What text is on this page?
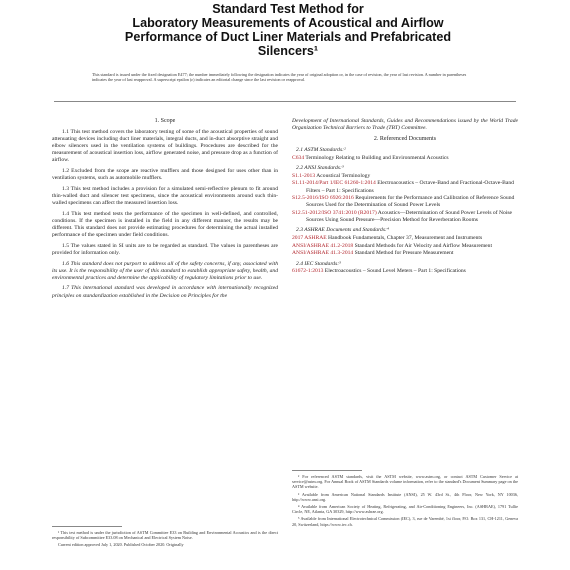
Standard Test Method for
Laboratory Measurements of Acoustical and Airflow
Performance of Duct Liner Materials and Prefabricated
Silencers¹
This standard is issued under the fixed designation E477; the number immediately following the designation indicates the year of original adoption or, in the case of revision, the year of last revision. A number in parentheses indicates the year of last reapproval. A superscript epsilon (ε) indicates an editorial change since the last revision or reapproval.
1. Scope

1.1 This test method covers the laboratory testing of some of the acoustical properties of sound attenuating devices including duct liner materials, integral ducts, and in-duct absorptive straight and elbow silencers used in the ventilation systems of buildings. Procedures are described for the measurement of acoustical insertion loss, airflow generated noise, and pressure drop as a function of airflow.

1.2 Excluded from the scope are reactive mufflers and those designed for uses other than in ventilation systems, such as automobile mufflers.

1.3 This test method includes a provision for a simulated semi-reflective plenum to fit around thin-walled duct and silencer test specimens, since the acoustical environments around such thin-walled specimens can affect the measured insertion loss.

1.4 This test method tests the performance of the specimen in well-defined, and controlled, conditions. If the specimen is installed in the field in any different manner, the results may be different. This standard does not provide estimating procedures for determining the actual installed performance of the specimen under field conditions.

1.5 The values stated in SI units are to be regarded as standard. The values in parentheses are provided for information only.

1.6 This standard does not purport to address all of the safety concerns, if any, associated with its use. It is the responsibility of the user of this standard to establish appropriate safety, health, and environmental practices and determine the applicability of regulatory limitations prior to use.

1.7 This international standard was developed in accordance with internationally recognized principles on standardization established in the Decision on Principles for the

Development of International Standards, Guides and Recommendations issued by the World Trade Organization Technical Barriers to Trade (TBT) Committee.

2. Referenced Documents
2.1 ASTM Standards:²
C634 Terminology Relating to Building and Environmental Acoustics
2.2 ANSI Standards:³
S1.1-2013 Acoustical Terminology
S1.11-2014/Part 1/IEC 61260-1:2014 Electroacoustics – Octave-Band and Fractional-Octave-Band Filters – Part 1: Specifications
S12.5-2016/ISO 6926:2016 Requirements for the Performance and Calibration of Reference Sound Sources Used for the Determination of Sound Power Levels
S12.51-2012/ISO 3741:2010 (R2017) Acoustics—Determination of Sound Power Levels of Noise Sources Using Sound Pressure—Precision Method for Reverberation Rooms
2.3 ASHRAE Documents and Standards:⁴
2017 ASHRAE Handbook Fundamentals, Chapter 37, Measurement and Instruments
ANSI/ASHRAE 41.2-2018 Standard Methods for Air Velocity and Airflow Measurement
ANSI/ASHRAE 41.3-2014 Standard Method for Pressure Measurement
2.4 IEC Standards:⁵
61672-1:2013 Electroacoustics – Sound Level Meters – Part 1: Specifications

² For referenced ASTM standards, visit the ASTM website, www.astm.org, or contact ASTM Customer Service at service@astm.org. For Annual Book of ASTM Standards volume information, refer to the standard's Document Summary page on the ASTM website.

³ Available from American National Standards Institute (ANSI), 25 W. 43rd St., 4th Floor, New York, NY 10036, http://www.ansi.org.

⁴ Available from American Society of Heating, Refrigerating, and Air-Conditioning Engineers, Inc. (ASHRAE), 1791 Tullie Circle, NE, Atlanta, GA 30329, http://www.ashrae.org.

⁵ Available from International Electrotechnical Commission (IEC), 3, rue de Varembé, 1st floor, P.O. Box 131, CH-1211, Geneva 20, Switzerland, https://www.iec.ch.

¹ This test method is under the jurisdiction of ASTM Committee E33 on Building and Environmental Acoustics and is the direct responsibility of Subcommittee E33.08 on Mechanical and Electrical System Noise.

Current edition approved July 1, 2020. Published October 2020. Originally
